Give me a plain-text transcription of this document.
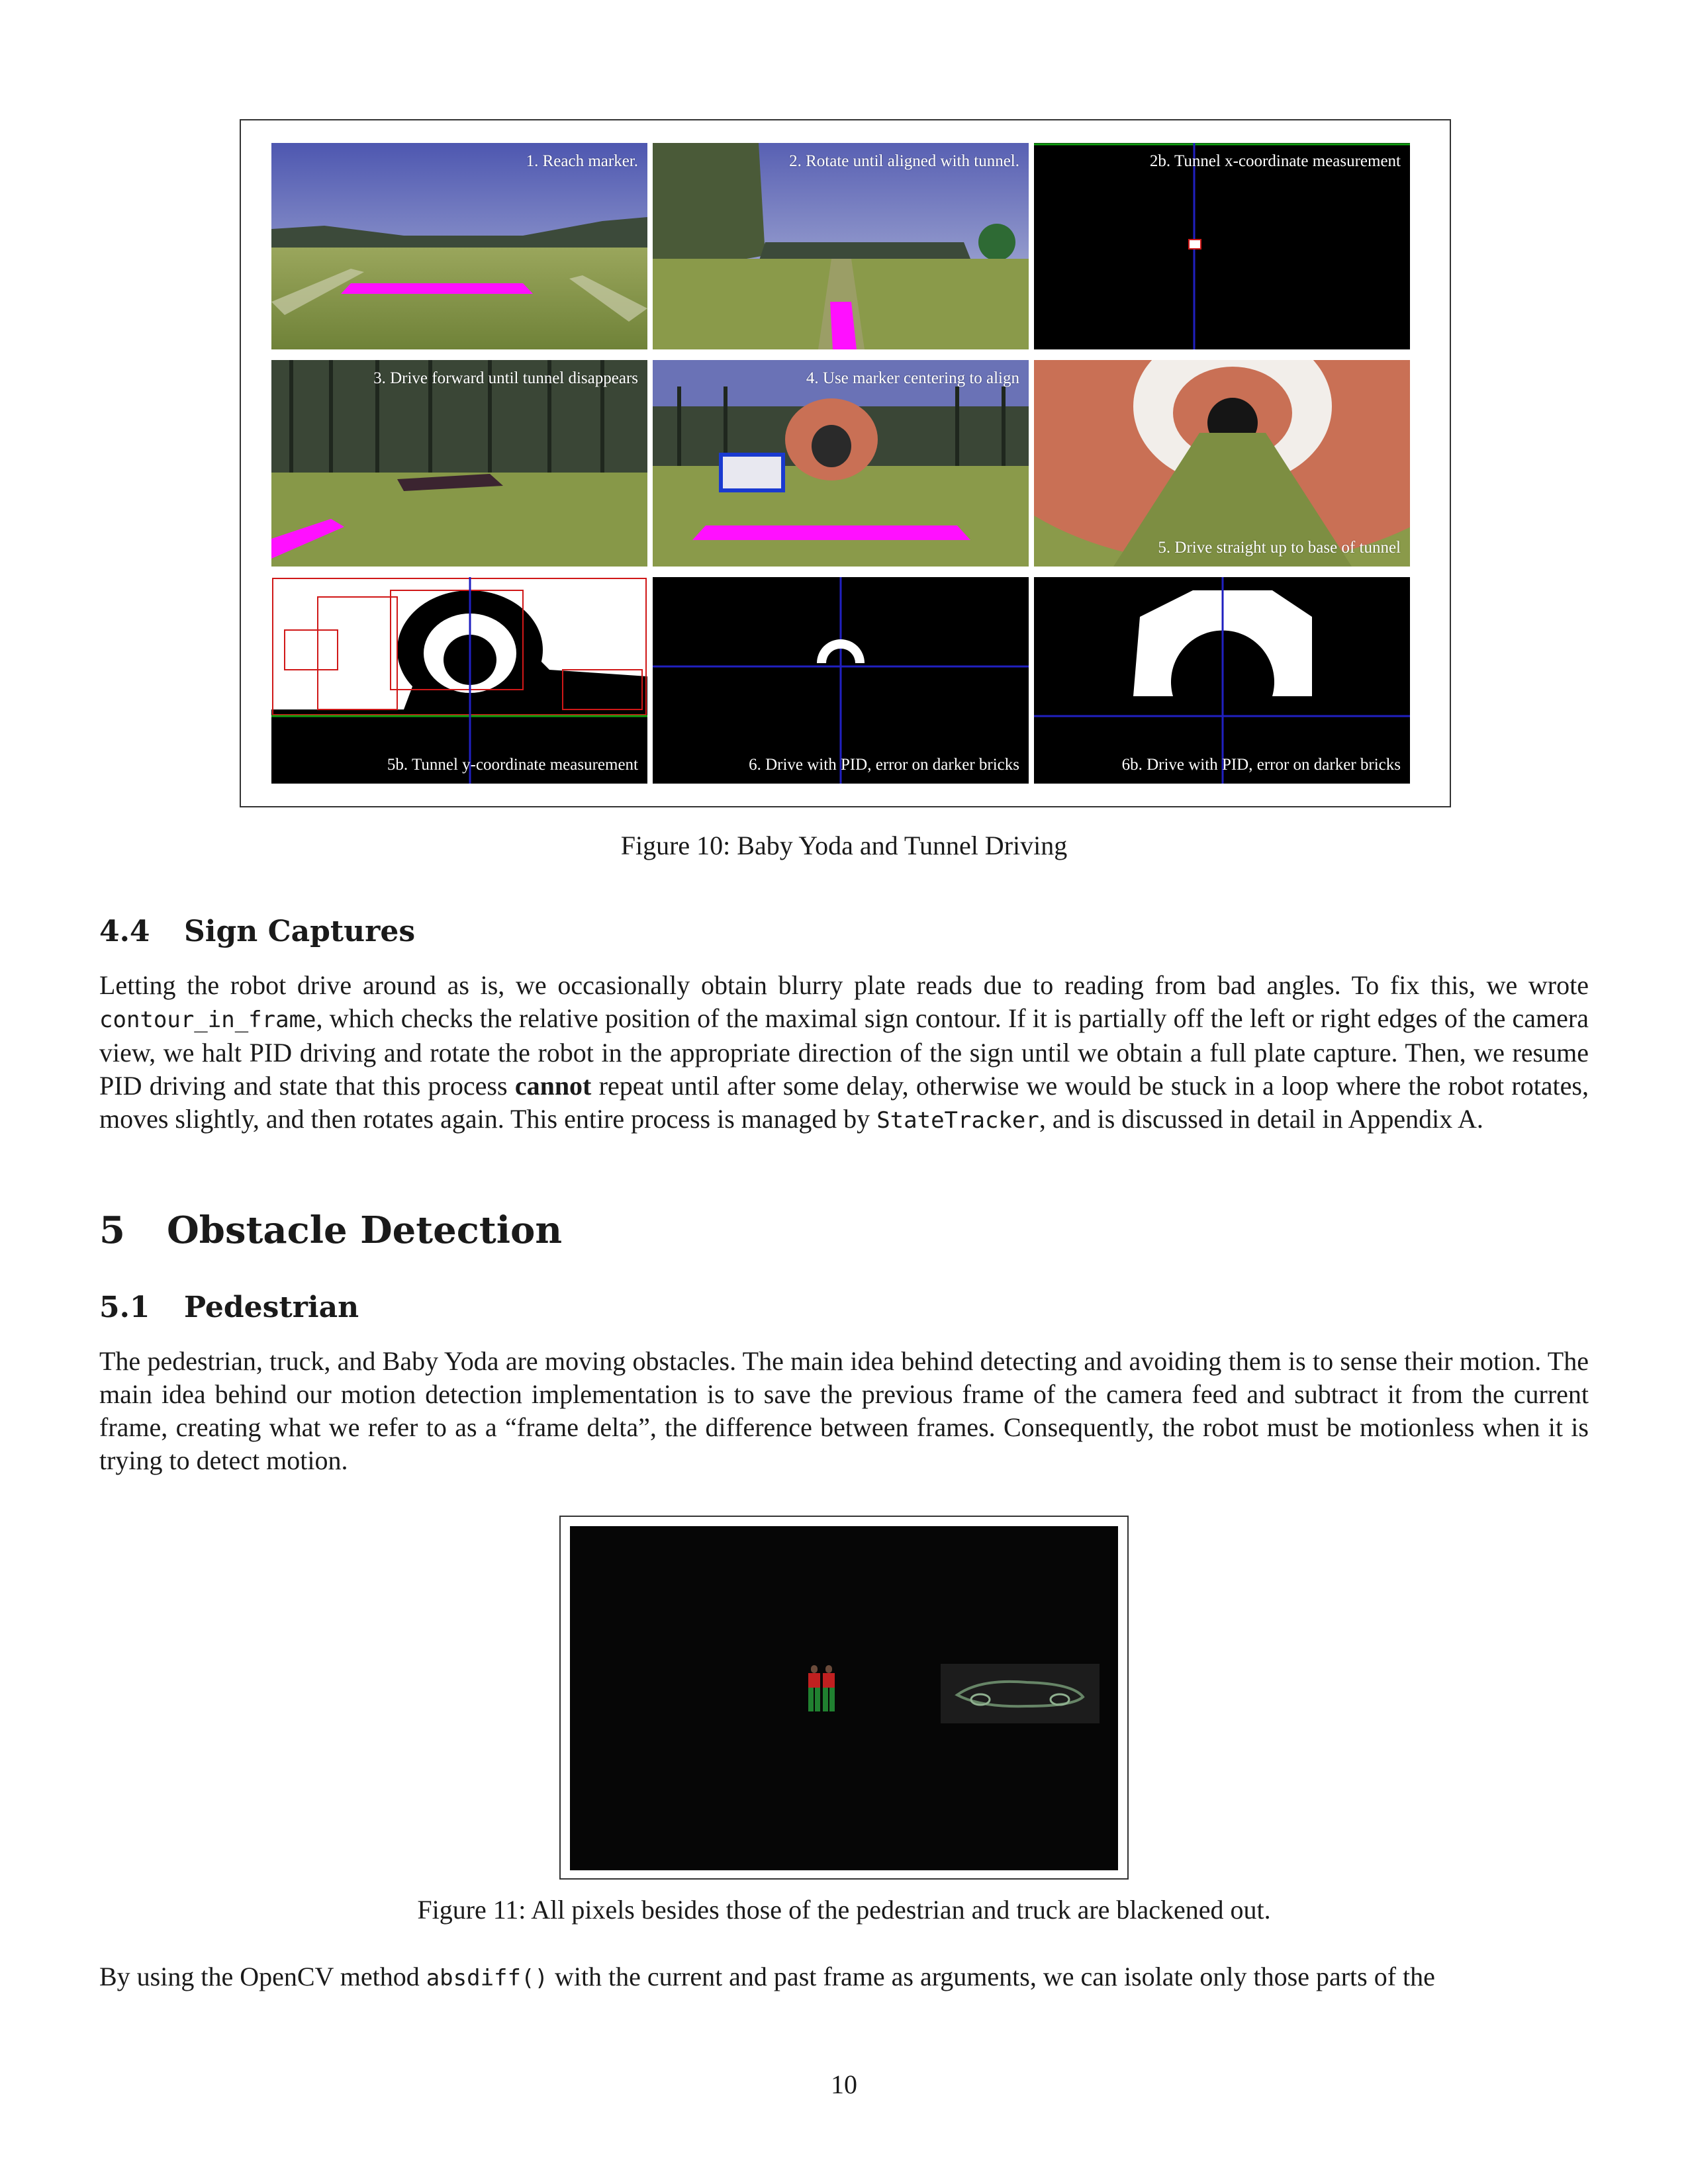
1. Reach marker.	2. Rotate until aligned with tunnel.	2b. Tunnel x-coordinate measurement
3. Drive forward until tunnel disappears	4. Use marker centering to align
5. Drive straight up to base of tunnel
5b. Tunnel y-coordinate measurement	6. Drive with PID, error on darker bricks	6b. Drive with PID, error on darker bricks
Figure 10: Baby Yoda and Tunnel Driving
4.4 Sign Captures
Letting the robot drive around as is, we occasionally obtain blurry plate reads due to reading from bad angles. To fix this, we wrote contour_in_frame, which checks the relative position of the maximal sign contour. If it is partially off the left or right edges of the camera view, we halt PID driving and rotate the robot in the appropriate direction of the sign until we obtain a full plate capture. Then, we resume PID driving and state that this process cannot repeat until after some delay, otherwise we would be stuck in a loop where the robot rotates, moves slightly, and then rotates again. This entire process is managed by StateTracker, and is discussed in detail in Appendix A.
5 Obstacle Detection
5.1 Pedestrian
The pedestrian, truck, and Baby Yoda are moving obstacles. The main idea behind detecting and avoiding them is to sense their motion. The main idea behind our motion detection implementation is to save the previous frame of the camera feed and subtract it from the current frame, creating what we refer to as a “frame delta”, the difference between frames. Consequently, the robot must be motionless when it is trying to detect motion.
Figure 11: All pixels besides those of the pedestrian and truck are blackened out.
By using the OpenCV method absdiff() with the current and past frame as arguments, we can isolate only those parts of the
10
